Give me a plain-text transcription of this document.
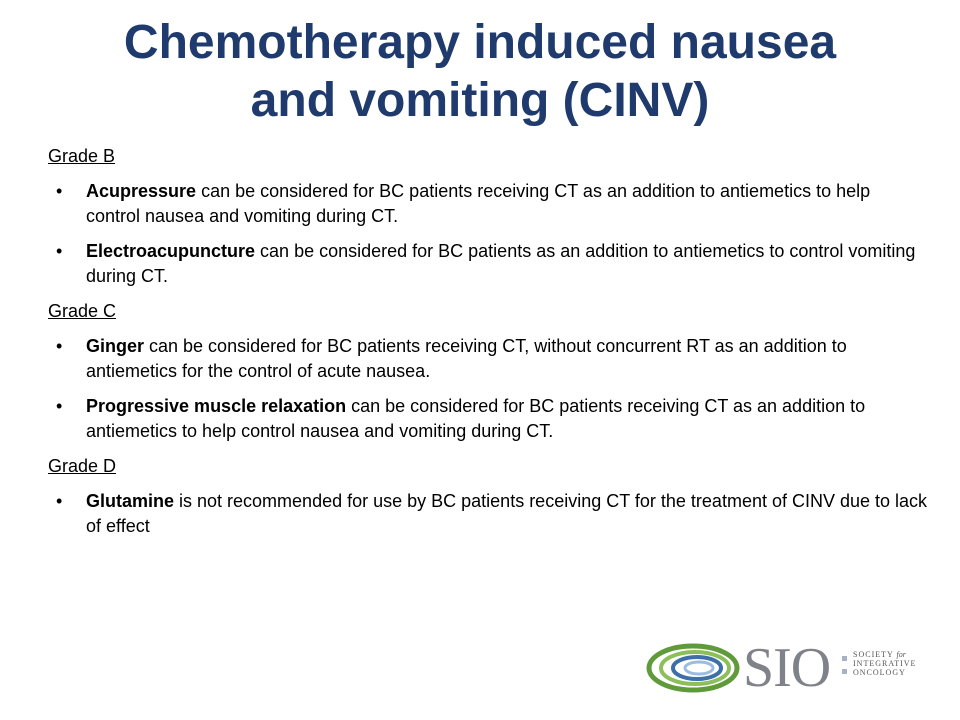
Chemotherapy induced nausea
and vomiting (CINV)

Grade B

• Acupressure can be considered for BC patients receiving CT as an addition to antiemetics to help control nausea and vomiting during CT.
• Electroacupuncture can be considered for BC patients as an addition to antiemetics to control vomiting during CT.

Grade C

• Ginger can be considered for BC patients receiving CT, without concurrent RT as an addition to antiemetics for the control of acute nausea.
• Progressive muscle relaxation can be considered for BC patients receiving CT as an addition to antiemetics to help control nausea and vomiting during CT.

Grade D

• Glutamine is not recommended for use by BC patients receiving CT for the treatment of CINV due to lack of effect
SIO	SOCIETY for
INTEGRATIVE
ONCOLOGY
